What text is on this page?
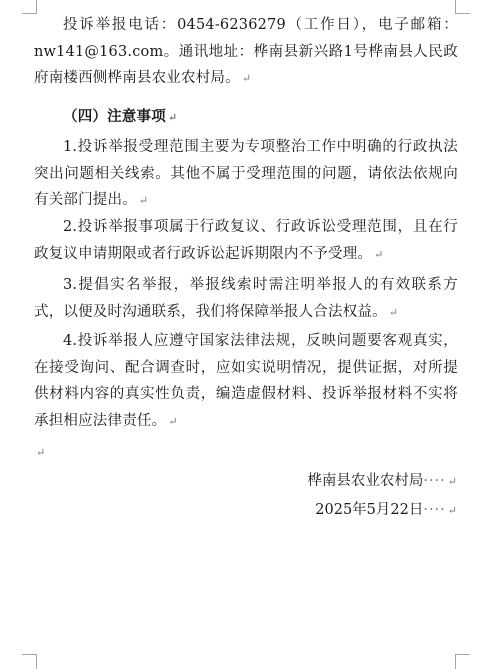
投诉举报电话：0454-6236279（工作日），电子邮箱：nw141@163.com。通讯地址：桦南县新兴路1号桦南县人民政府南楼西侧桦南县农业农村局。 ↵

（四）注意事项 ↵

1.投诉举报受理范围主要为专项整治工作中明确的行政执法突出问题相关线索。其他不属于受理范围的问题，请依法依规向有关部门提出。 ↵

2.投诉举报事项属于行政复议、行政诉讼受理范围，且在行政复议申请期限或者行政诉讼起诉期限内不予受理。 ↵

3.提倡实名举报，举报线索时需注明举报人的有效联系方式，以便及时沟通联系，我们将保障举报人合法权益。 ↵

4.投诉举报人应遵守国家法律法规，反映问题要客观真实，在接受询问、配合调查时，应如实说明情况，提供证据，对所提供材料内容的真实性负责，编造虚假材料、投诉举报材料不实将承担相应法律责任。 ↵

↵
桦南县农业农村局···· ↵
2025年5月22日···· ↵
